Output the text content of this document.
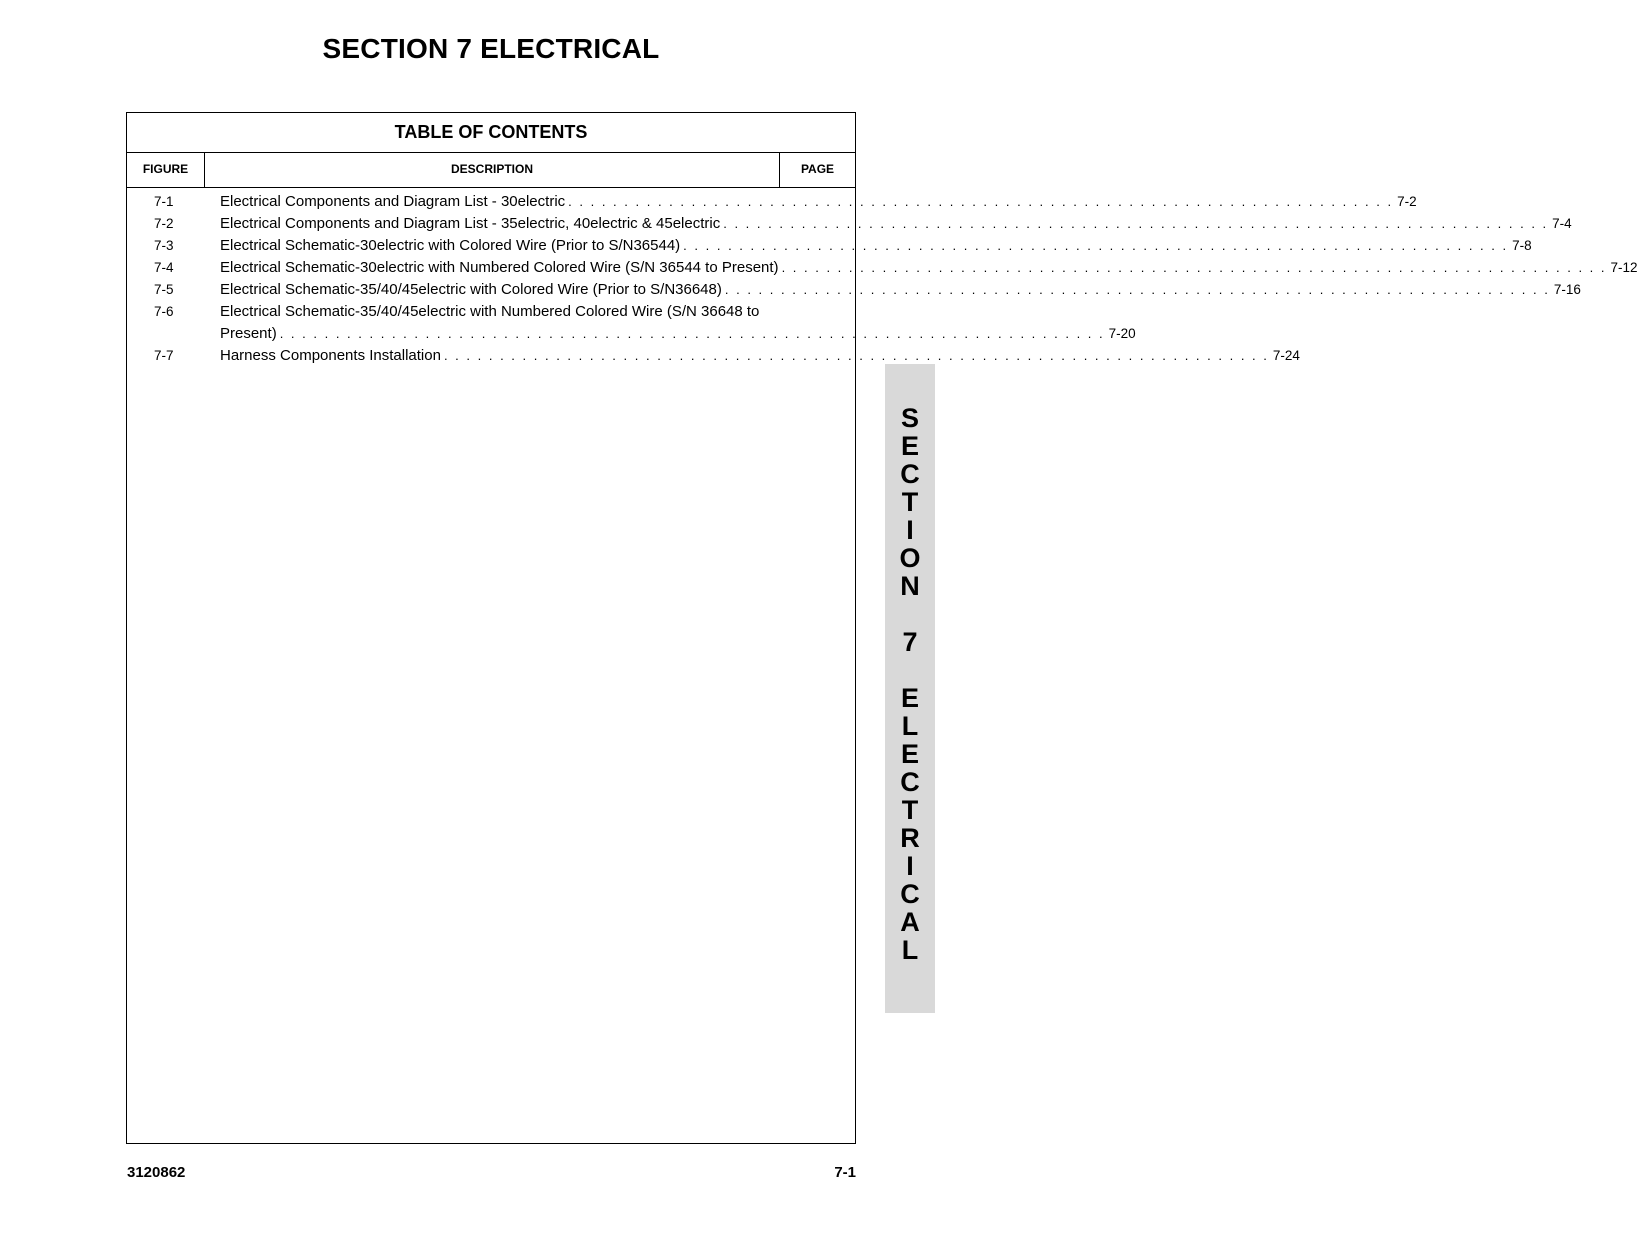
SECTION 7 ELECTRICAL
TABLE OF CONTENTS
FIGURE	DESCRIPTION	PAGE
7-1	Electrical Components and Diagram List - 30electric . . . . . . . . . . . . . . . . . . . . . . . . . . . . . . . . . . . . . . . . . . . . . . . . . . . . . . . . . . . . . . . . . . . . . . . . . . 7-2
7-2	Electrical Components and Diagram List - 35electric, 40electric & 45electric . . . . . . . . . . . . . . . . . . . . . . . . . . . . . . . . . . . . . . . . . . . . . . . . . . . . . . . . . . . . . . . . . . . . . . . . . . 7-4
7-3	Electrical Schematic-30electric with Colored Wire (Prior to S/N36544) . . . . . . . . . . . . . . . . . . . . . . . . . . . . . . . . . . . . . . . . . . . . . . . . . . . . . . . . . . . . . . . . . . . . . . . . . . 7-8
7-4	Electrical Schematic-30electric with Numbered Colored Wire (S/N 36544 to Present) . . . . . . . . . . . . . . . . . . . . . . . . . . . . . . . . . . . . . . . . . . . . . . . . . . . . . . . . . . . . . . . . . . . . . . . . . . 7-12
7-5	Electrical Schematic-35/40/45electric with Colored Wire (Prior to S/N36648) . . . . . . . . . . . . . . . . . . . . . . . . . . . . . . . . . . . . . . . . . . . . . . . . . . . . . . . . . . . . . . . . . . . . . . . . . . 7-16
7-6	Electrical Schematic-35/40/45electric with Numbered Colored Wire (S/N 36648 to
Present) . . . . . . . . . . . . . . . . . . . . . . . . . . . . . . . . . . . . . . . . . . . . . . . . . . . . . . . . . . . . . . . . . . . . . . . . . . 7-20
7-7	Harness Components Installation . . . . . . . . . . . . . . . . . . . . . . . . . . . . . . . . . . . . . . . . . . . . . . . . . . . . . . . . . . . . . . . . . . . . . . . . . . 7-24
S
E
C
T
I
O
N

7

E
L
E
C
T
R
I
C
A
L
3120862	7-1
